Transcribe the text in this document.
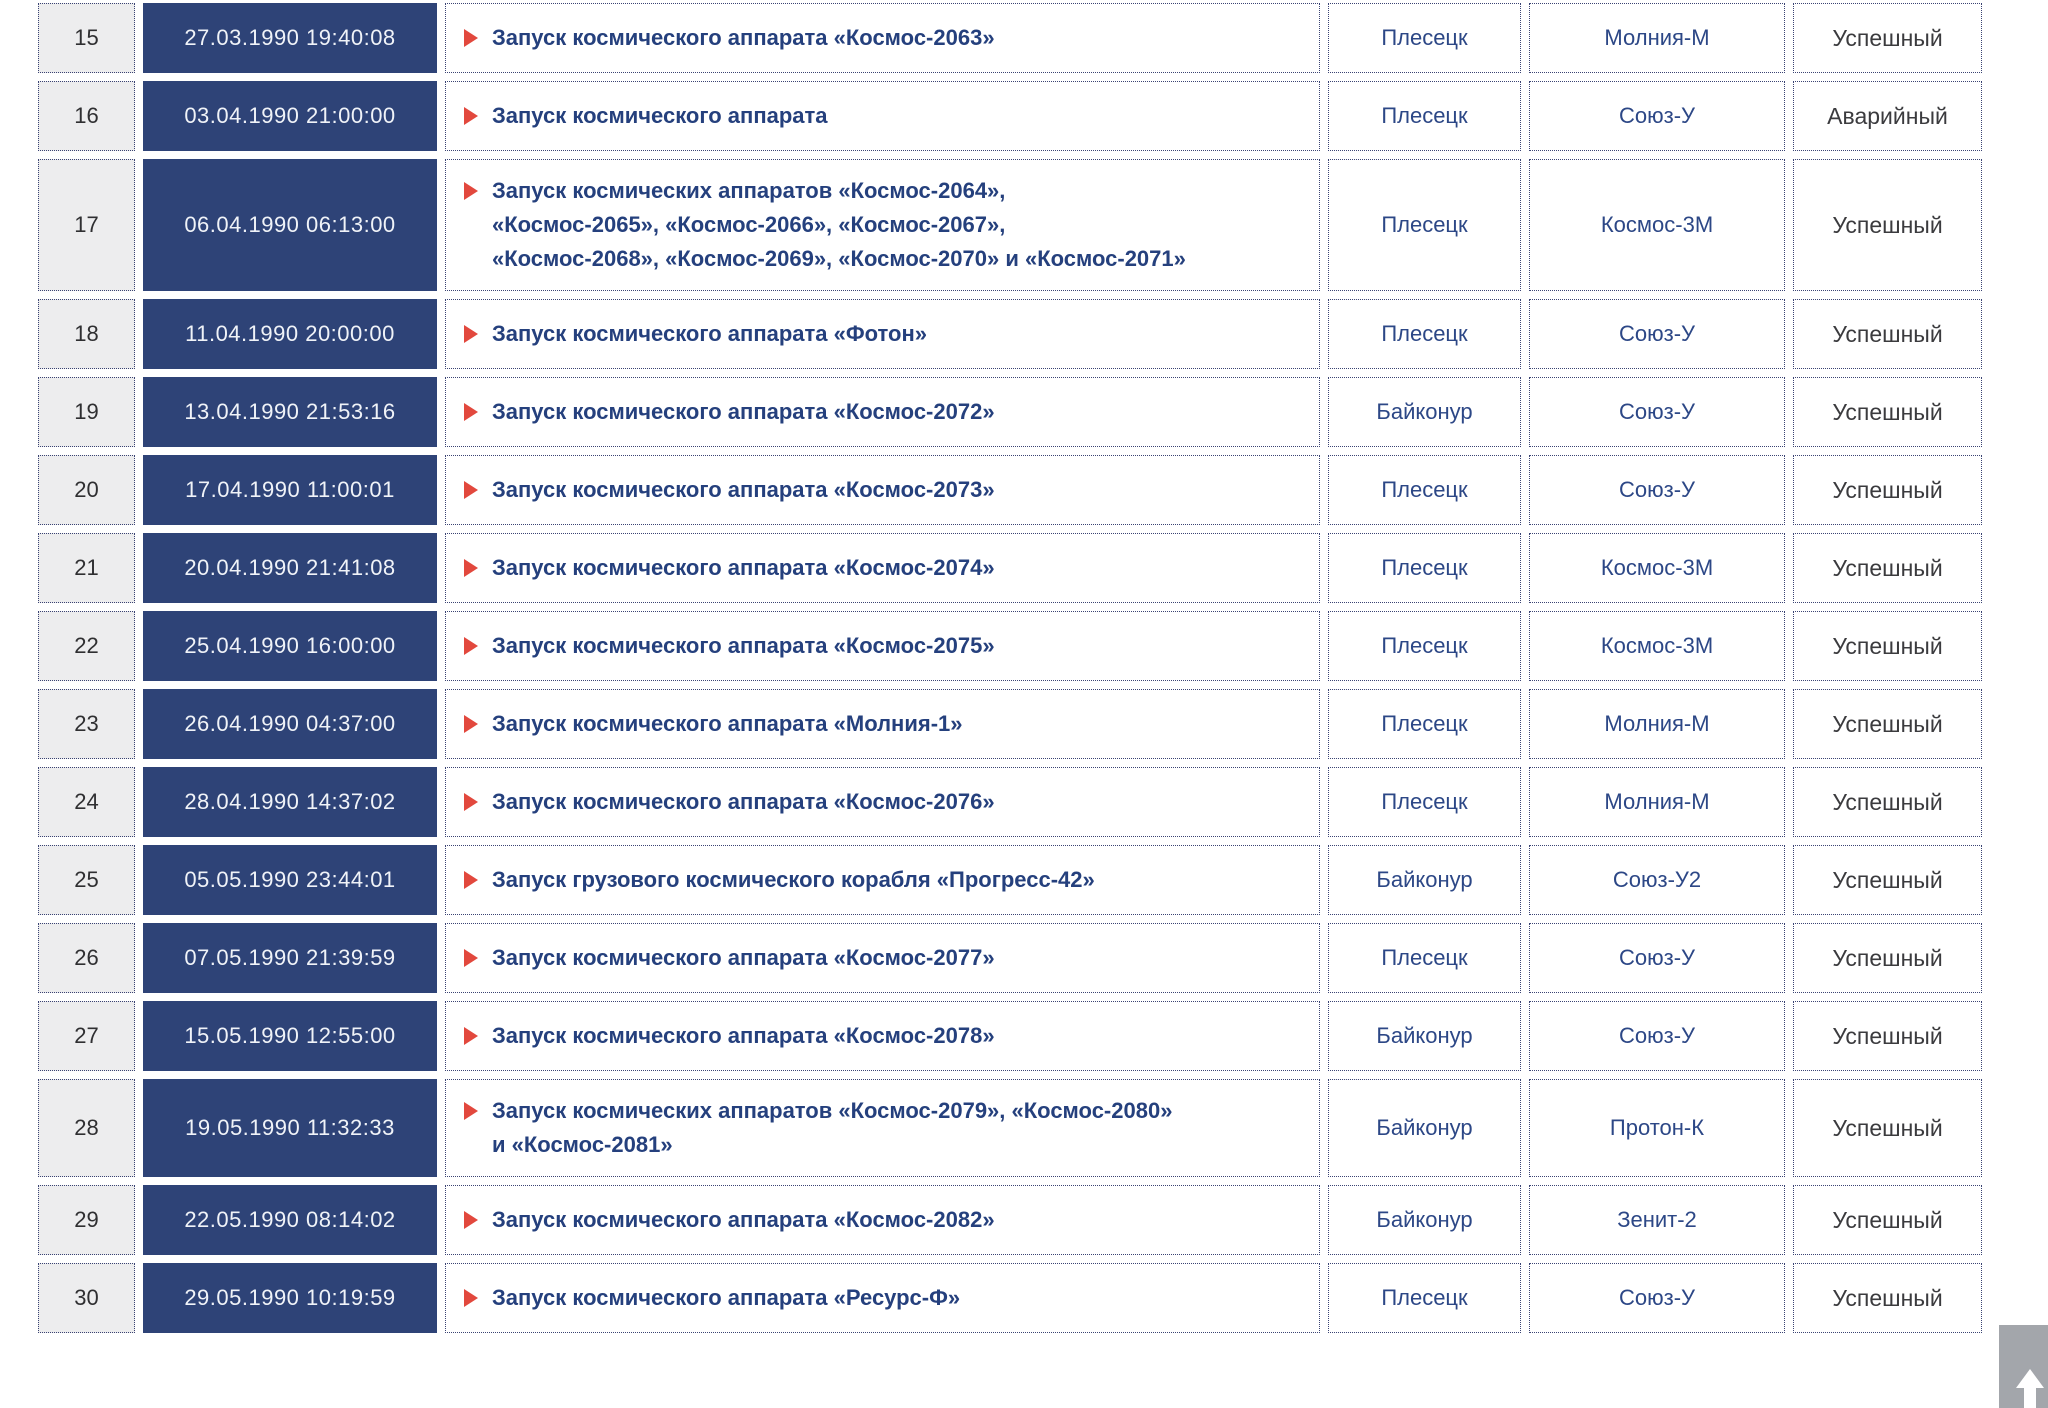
15	27.03.1990 19:40:08	Запуск космического аппарата «Космос-2063»	Плесецк	Молния-М	Успешный
16	03.04.1990 21:00:00	Запуск космического аппарата	Плесецк	Союз-У	Аварийный
17	06.04.1990 06:13:00	Запуск космических аппаратов «Космос-2064», «Космос-2065», «Космос-2066», «Космос-2067», «Космос-2068», «Космос-2069», «Космос-2070» и «Космос-2071»	Плесецк	Космос-3М	Успешный
18	11.04.1990 20:00:00	Запуск космического аппарата «Фотон»	Плесецк	Союз-У	Успешный
19	13.04.1990 21:53:16	Запуск космического аппарата «Космос-2072»	Байконур	Союз-У	Успешный
20	17.04.1990 11:00:01	Запуск космического аппарата «Космос-2073»	Плесецк	Союз-У	Успешный
21	20.04.1990 21:41:08	Запуск космического аппарата «Космос-2074»	Плесецк	Космос-3М	Успешный
22	25.04.1990 16:00:00	Запуск космического аппарата «Космос-2075»	Плесецк	Космос-3М	Успешный
23	26.04.1990 04:37:00	Запуск космического аппарата «Молния-1»	Плесецк	Молния-М	Успешный
24	28.04.1990 14:37:02	Запуск космического аппарата «Космос-2076»	Плесецк	Молния-М	Успешный
25	05.05.1990 23:44:01	Запуск грузового космического корабля «Прогресс-42»	Байконур	Союз-У2	Успешный
26	07.05.1990 21:39:59	Запуск космического аппарата «Космос-2077»	Плесецк	Союз-У	Успешный
27	15.05.1990 12:55:00	Запуск космического аппарата «Космос-2078»	Байконур	Союз-У	Успешный
28	19.05.1990 11:32:33	Запуск космических аппаратов «Космос-2079», «Космос-2080» и «Космос-2081»	Байконур	Протон-К	Успешный
29	22.05.1990 08:14:02	Запуск космического аппарата «Космос-2082»	Байконур	Зенит-2	Успешный
30	29.05.1990 10:19:59	Запуск космического аппарата «Ресурс-Ф»	Плесецк	Союз-У	Успешный
